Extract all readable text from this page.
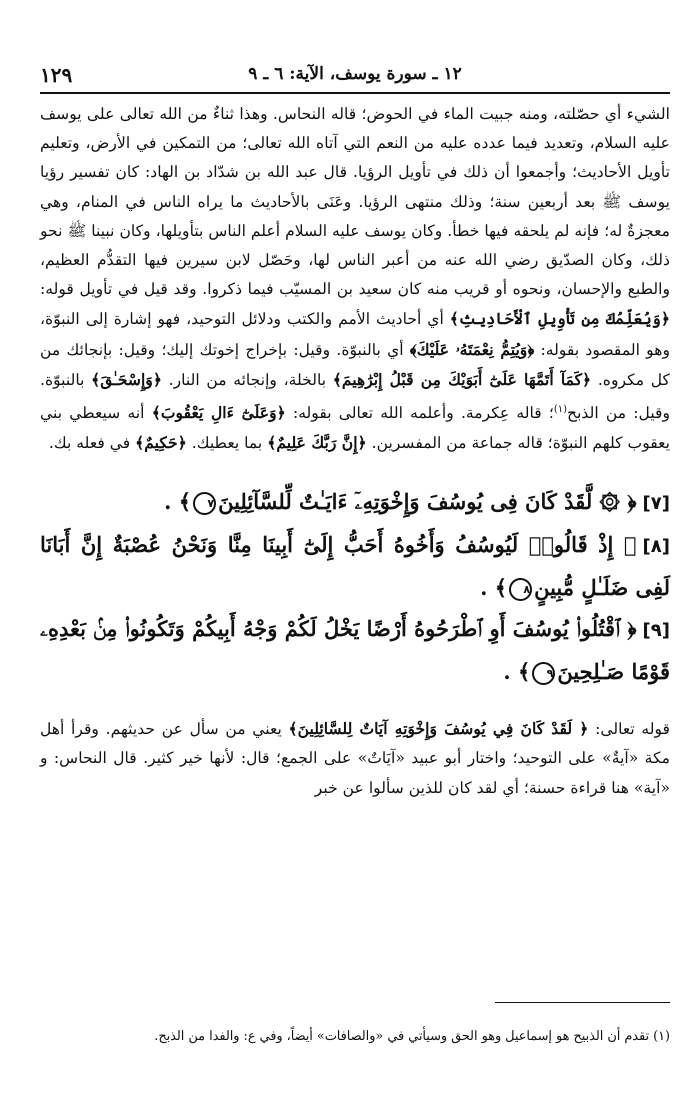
١٢ ـ سورة يوسف، الآية: ٦ ـ ٩
١٢٩

الشيء أي حصّلته، ومنه جبيت الماء في الحوض؛ قاله النحاس. وهذا ثناءٌ من الله تعالى على يوسف عليه السلام، وتعديد فيما عدده عليه من النعم التي آتاه الله تعالى؛ من التمكين في الأرض، وتعليم تأويل الأحاديث؛ وأجمعوا أن ذلك في تأويل الرؤيا. قال عبد الله بن شدّاد بن الهاد: كان تفسير رؤيا يوسف ﷺ بعد أربعين سنة؛ وذلك منتهى الرؤيا. وعَنَى بالأحاديث ما يراه الناس في المنام، وهي معجزةٌ له؛ فإنه لم يلحقه فيها خطأ. وكان يوسف عليه السلام أعلم الناس بتأويلها، وكان نبينا ﷺ نحو ذلك، وكان الصدّيق رضي الله عنه من أعبر الناس لها، وحَصّل لابن سيرين فيها التقدُّم العظيم، والطبع والإحسان، ونحوه أو قريب منه كان سعيد بن المسيّب فيما ذكروا. وقد قيل في تأويل قوله: ﴿وَيُعَلِّمُكَ مِن تَأْوِيلِ ٱلْأَحَادِيثِ﴾ أي أحاديث الأمم والكتب ودلائل التوحيد، فهو إشارة إلى النبوّة، وهو المقصود بقوله: ﴿وَيُتِمُّ نِعْمَتَهُۥ عَلَيْكَ﴾ أي بالنبوّة. وقيل: بإخراج إخوتك إليك؛ وقيل: بإنجائك من كل مكروه. ﴿كَمَآ أَتَمَّهَا عَلَىٰٓ أَبَوَيْكَ مِن قَبْلُ إِبْرَٰهِيمَ﴾ بالخلة، وإنجائه من النار. ﴿وَإِسْحَـٰقَ﴾ بالنبوّة. وقيل: من الذبح$^{(١)}$؛ قاله عِكرمة. وأعلمه الله تعالى بقوله: ﴿وَعَلَىٰٓ ءَالِ يَعْقُوبَ﴾ أنه سيعطي بني يعقوب كلهم النبوّة؛ قاله جماعة من المفسرين. ﴿إِنَّ رَبَّكَ عَلِيمٌ﴾ بما يعطيك. ﴿حَكِيمٌ﴾ في فعله بك.

[٧]﴿ ۞ لَّقَدْ كَانَ فِى يُوسُفَ وَإِخْوَتِهِۦٓ ءَايَـٰتٌ لِّلسَّآئِلِينَ٧﴾ .

[٨]﴿ إِذْ قَالُوا۟ لَيُوسُفُ وَأَخُوهُ أَحَبُّ إِلَىٰٓ أَبِينَا مِنَّا وَنَحْنُ عُصْبَةٌ إِنَّ أَبَانَا لَفِى ضَلَـٰلٍ مُّبِينٍ٨﴾ .

[٩]﴿ ٱقْتُلُوا۟ يُوسُفَ أَوِ ٱطْرَحُوهُ أَرْضًا يَخْلُ لَكُمْ وَجْهُ أَبِيكُمْ وَتَكُونُوا۟ مِنۢ بَعْدِهِۦ قَوْمًا صَـٰلِحِينَ٩﴾ .

قوله تعالى: ﴿ لَقَدْ كَانَ فِي يُوسُفَ وَإِخْوَتِهِ آيَاتٌ لِلسَّائِلِينَ﴾ يعني من سأل عن حديثهم. وقرأ أهل مكة «آيةٌ» على التوحيد؛ واختار أبو عبيد «آيَاتٌ» على الجمع؛ قال: لأنها خير كثير. قال النحاس: و «آية» هنا قراءة حسنة؛ أي لقد كان للذين سألوا عن خبر
(١) تقدم أن الذبيح هو إسماعيل وهو الحق وسيأتي في «والصافات» أيضاً، وفي ع: والفدا من الذبح.
